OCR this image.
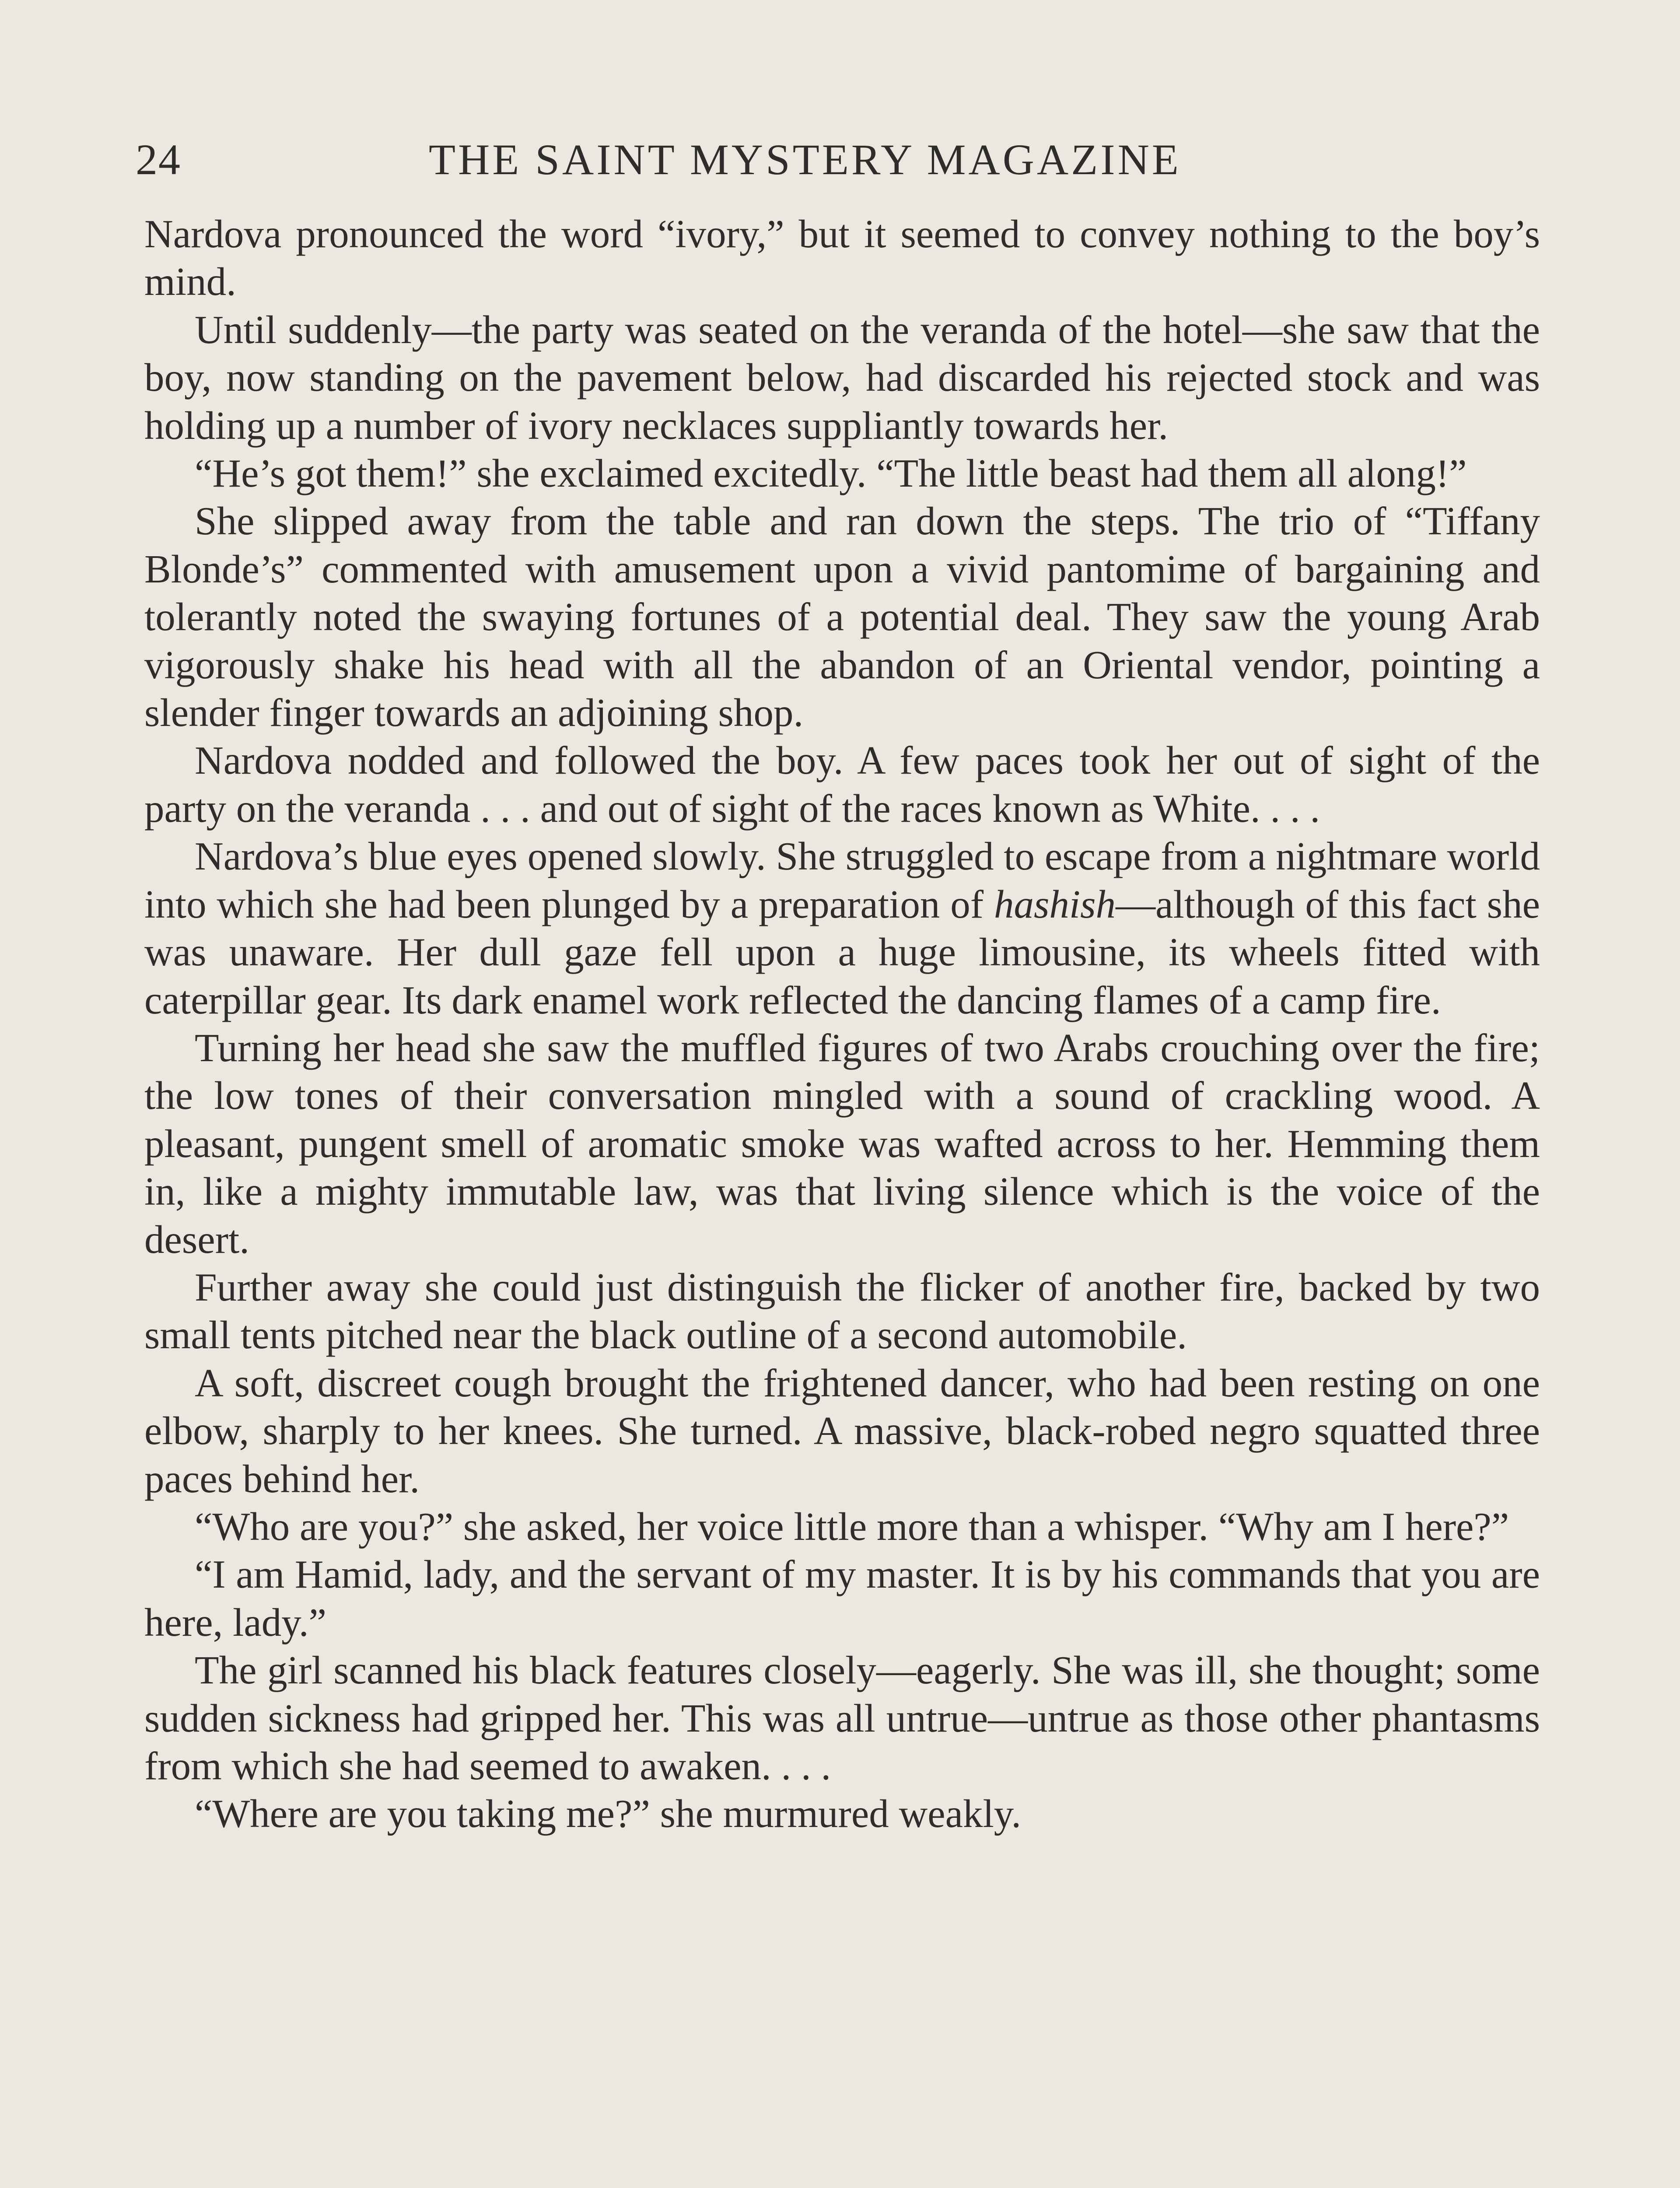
24	THE SAINT MYSTERY MAGAZINE

Nardova pronounced the word “ivory,” but it seemed to convey nothing to the boy’s mind.

Until suddenly—the party was seated on the veranda of the hotel—she saw that the boy, now standing on the pavement below, had discarded his rejected stock and was holding up a number of ivory necklaces suppliantly towards her.

“He’s got them!” she exclaimed excitedly. “The little beast had them all along!”

She slipped away from the table and ran down the steps. The trio of “Tiffany Blonde’s” commented with amusement upon a vivid pantomime of bargaining and tolerantly noted the swaying fortunes of a potential deal. They saw the young Arab vigorously shake his head with all the abandon of an Oriental vendor, pointing a slender finger towards an adjoining shop.

Nardova nodded and followed the boy. A few paces took her out of sight of the party on the veranda . . . and out of sight of the races known as White. . . .

Nardova’s blue eyes opened slowly. She struggled to escape from a nightmare world into which she had been plunged by a preparation of hashish—although of this fact she was unaware. Her dull gaze fell upon a huge limousine, its wheels fitted with caterpillar gear. Its dark enamel work reflected the dancing flames of a camp fire.

Turning her head she saw the muffled figures of two Arabs crouching over the fire; the low tones of their conversation mingled with a sound of crackling wood. A pleasant, pungent smell of aromatic smoke was wafted across to her. Hemming them in, like a mighty immutable law, was that living silence which is the voice of the desert.

Further away she could just distinguish the flicker of another fire, backed by two small tents pitched near the black outline of a second automobile.

A soft, discreet cough brought the frightened dancer, who had been resting on one elbow, sharply to her knees. She turned. A massive, black-robed negro squatted three paces behind her.

“Who are you?” she asked, her voice little more than a whisper. “Why am I here?”

“I am Hamid, lady, and the servant of my master. It is by his commands that you are here, lady.”

The girl scanned his black features closely—eagerly. She was ill, she thought; some sudden sickness had gripped her. This was all untrue—untrue as those other phantasms from which she had seemed to awaken. . . .

“Where are you taking me?” she murmured weakly.
